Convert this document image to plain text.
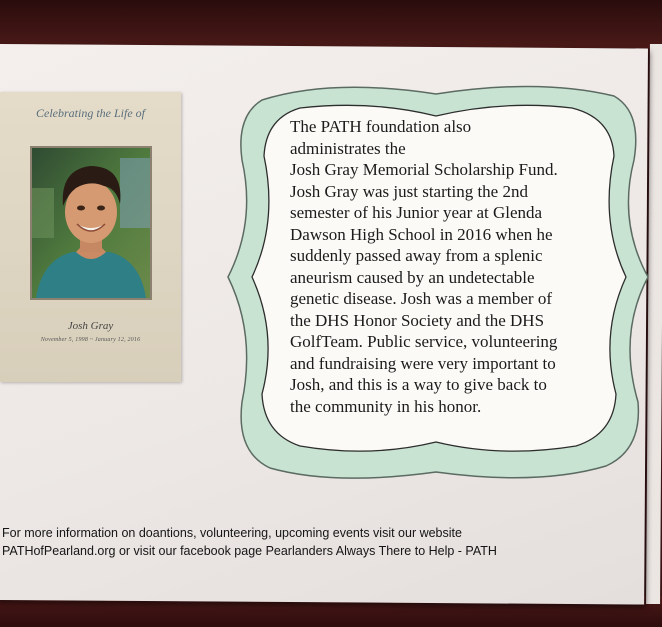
Celebrating the Life of
Josh Gray
November 5, 1998 ~ January 12, 2016
The PATH foundation also
administrates the
Josh Gray Memorial Scholarship Fund.
Josh Gray was just starting the 2nd
semester of his Junior year at Glenda
Dawson High School in 2016 when he
suddenly passed away from a splenic
aneurism caused by an undetectable
genetic disease. Josh was a member of
the DHS Honor Society and the DHS
GolfTeam. Public service, volunteering
and fundraising were very important to
Josh, and this is a way to give back to
the community in his honor.
For more information on doantions, volunteering, upcoming events visit our website
PATHofPearland.org or visit our facebook page Pearlanders Always There to Help - PATH
